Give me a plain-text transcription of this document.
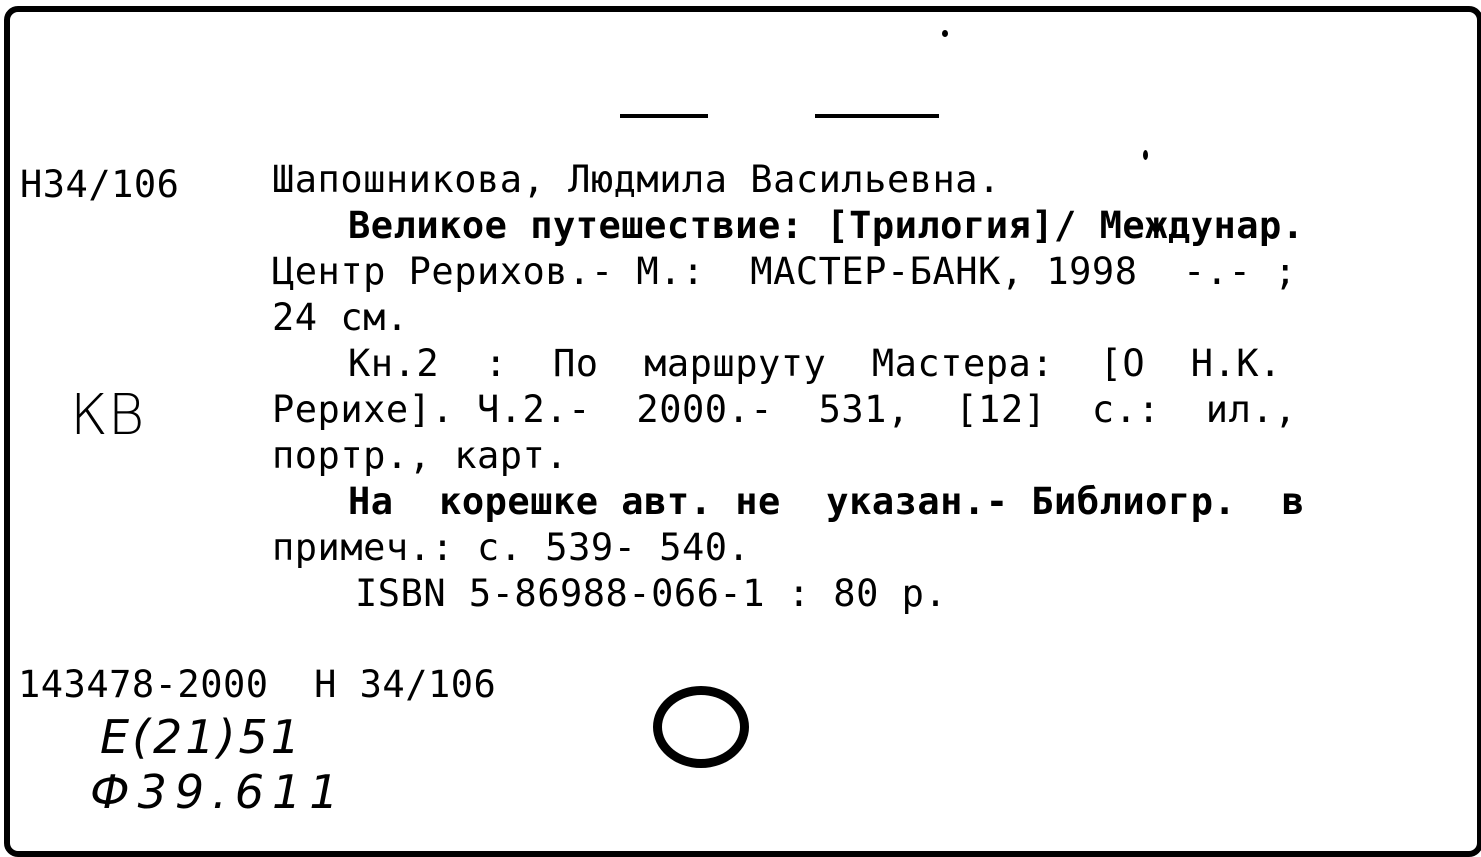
H34/106	Шапошникова, Людмила Васильевна.
Великое путешествие: [Трилогия]/ Междунар.
Центр Рерихов.- М.:  МАСТЕР-БАНК, 1998  -.- ;
24 см.
Кн.2  :  По  маршруту  Мастера:  [О  Н.К.
Рерихе]. Ч.2.-  2000.-  531,  [12]  с.:  ил.,
портр., карт.
На  корешке авт. не  указан.- Библиогр.  в
примеч.: с. 539- 540.
ISBN 5-86988-066-1 : 80 р.
143478-2000  H 34/106
КВ
Е(21)51
Ф39.611
